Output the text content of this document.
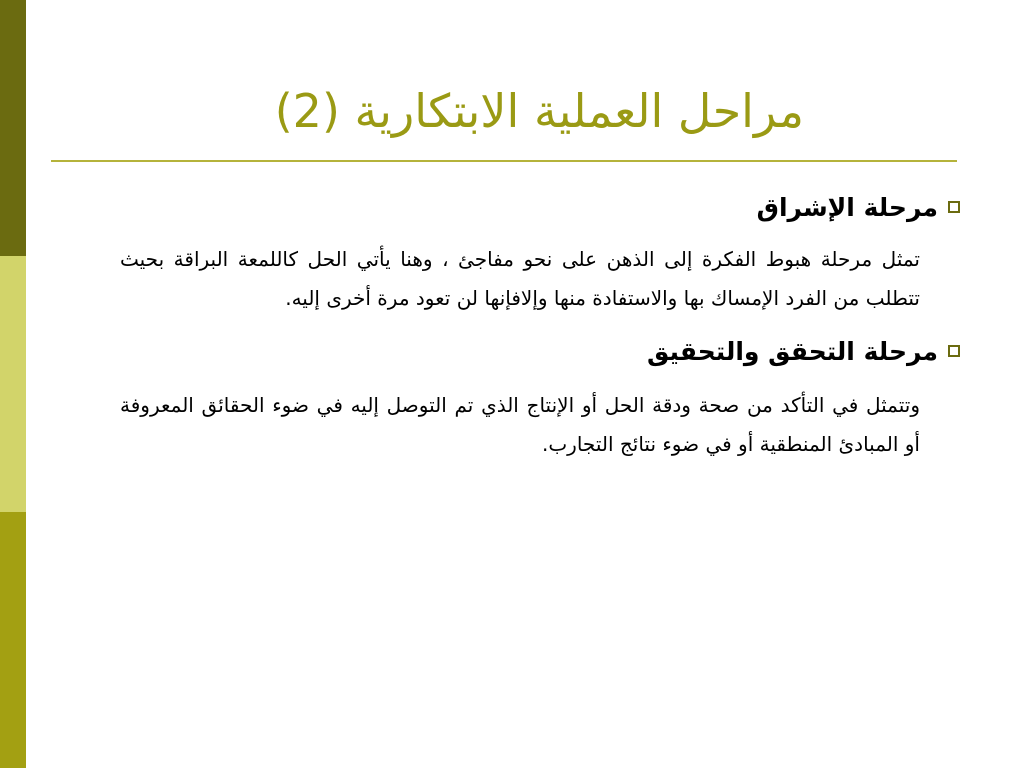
مراحل العملية الابتكارية (2)
مرحلة الإشراق

تمثل مرحلة هبوط الفكرة إلى الذهن على نحو مفاجئ ، وهنا يأتي الحل كاللمعة البراقة بحيث تتطلب من الفرد الإمساك بها والاستفادة منها وإلافإنها لن تعود مرة أخرى إليه.

مرحلة التحقق والتحقيق

وتتمثل في التأكد من صحة ودقة الحل أو الإنتاج الذي تم التوصل إليه في ضوء الحقائق المعروفة أو المبادئ المنطقية أو في ضوء نتائج التجارب.
